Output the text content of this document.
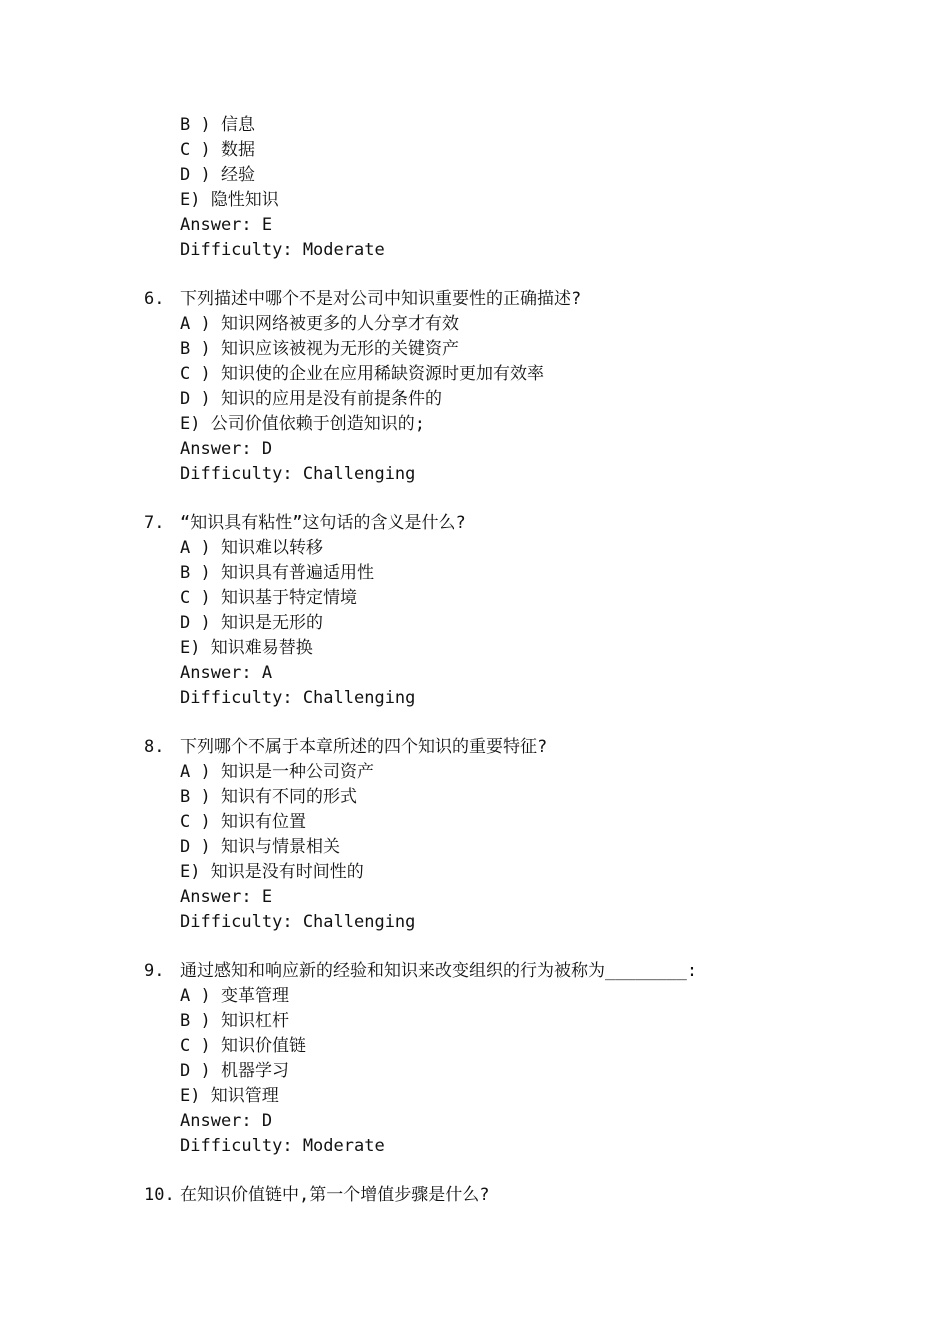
B ) 信息
C ) 数据
D ) 经验
E) 隐性知识
Answer: E
Difficulty: Moderate

6.

下列描述中哪个不是对公司中知识重要性的正确描述?

A ) 知识网络被更多的人分享才有效
B ) 知识应该被视为无形的关键资产
C ) 知识使的企业在应用稀缺资源时更加有效率
D ) 知识的应用是没有前提条件的
E) 公司价值依赖于创造知识的;
Answer: D
Difficulty: Challenging

7.

“知识具有粘性”这句话的含义是什么?

A ) 知识难以转移
B ) 知识具有普遍适用性
C ) 知识基于特定情境
D ) 知识是无形的
E) 知识难易替换
Answer: A
Difficulty: Challenging

8.

下列哪个不属于本章所述的四个知识的重要特征?

A ) 知识是一种公司资产
B ) 知识有不同的形式
C ) 知识有位置
D ) 知识与情景相关
E) 知识是没有时间性的
Answer: E
Difficulty: Challenging

9.

通过感知和响应新的经验和知识来改变组织的行为被称为________:

A ) 变革管理
B ) 知识杠杆
C ) 知识价值链
D ) 机器学习
E) 知识管理
Answer: D
Difficulty: Moderate

10.

在知识价值链中,第一个增值步骤是什么?
